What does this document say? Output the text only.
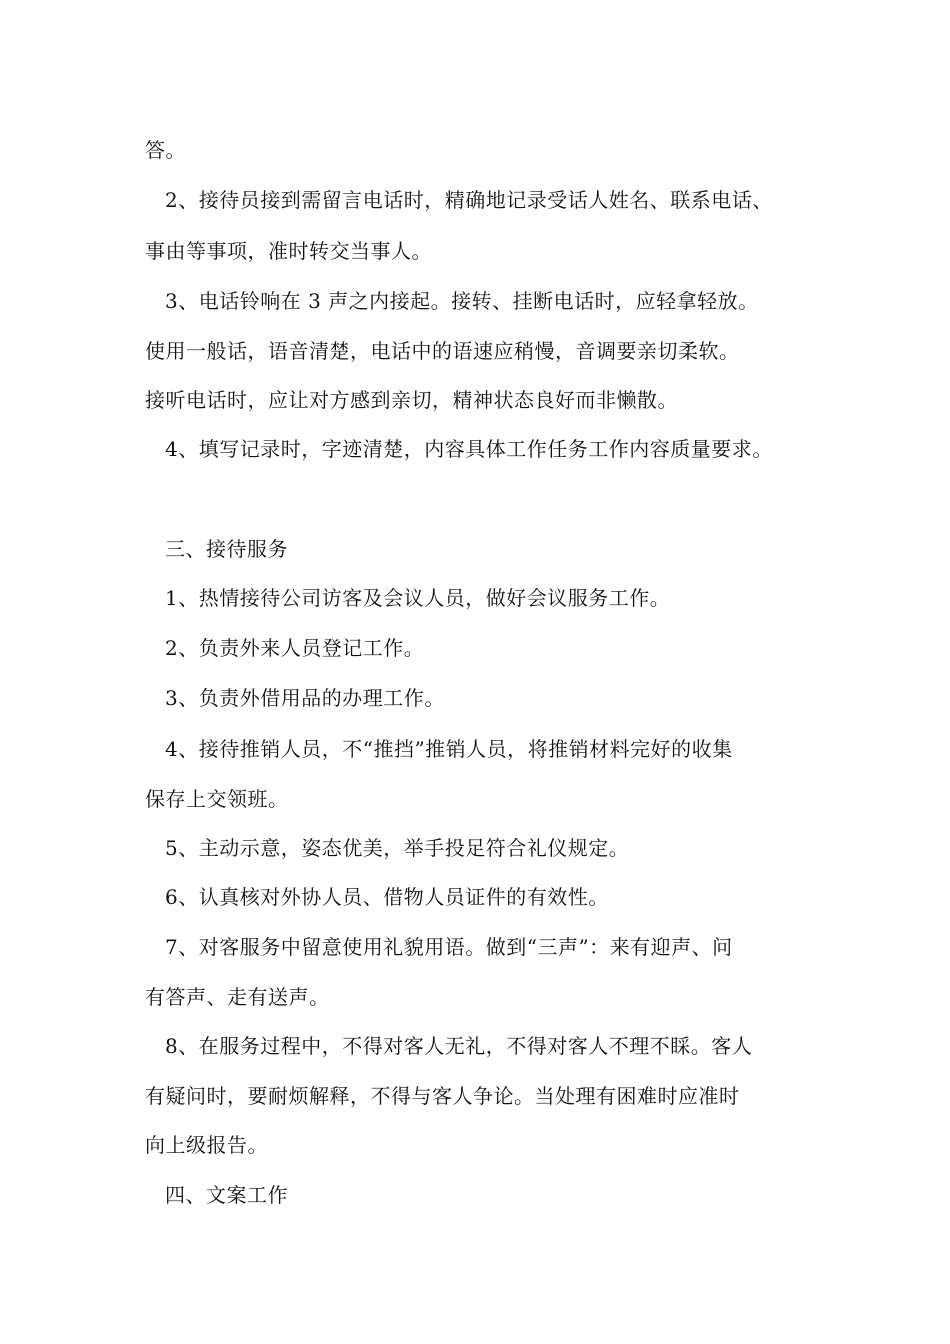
答。
2、接待员接到需留言电话时，精确地记录受话人姓名、联系电话、
事由等事项，准时转交当事人。
3、电话铃响在 3 声之内接起。接转、挂断电话时，应轻拿轻放。
使用一般话，语音清楚，电话中的语速应稍慢，音调要亲切柔软。
接听电话时，应让对方感到亲切，精神状态良好而非懒散。
4、填写记录时，字迹清楚，内容具体工作任务工作内容质量要求。
三、接待服务
1、热情接待公司访客及会议人员，做好会议服务工作。
2、负责外来人员登记工作。
3、负责外借用品的办理工作。
4、接待推销人员，不“推挡”推销人员，将推销材料完好的收集
保存上交领班。
5、主动示意，姿态优美，举手投足符合礼仪规定。
6、认真核对外协人员、借物人员证件的有效性。
7、对客服务中留意使用礼貌用语。做到“三声”：来有迎声、问
有答声、走有送声。
8、在服务过程中，不得对客人无礼，不得对客人不理不睬。客人
有疑问时，要耐烦解释，不得与客人争论。当处理有困难时应准时
向上级报告。
四、文案工作
